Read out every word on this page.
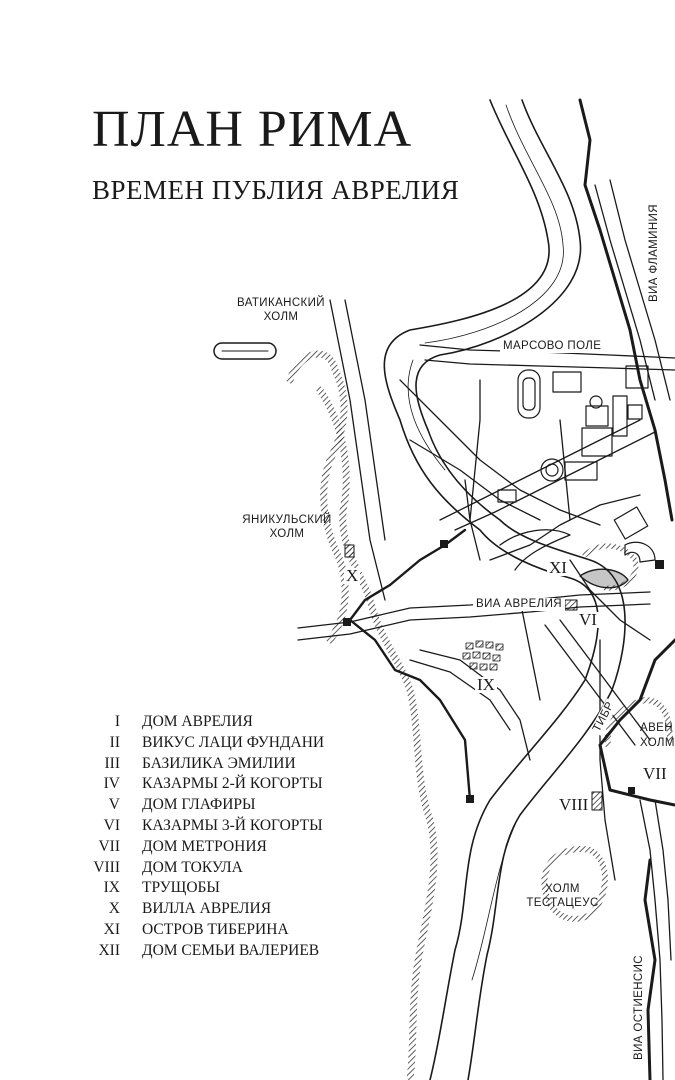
ПЛАН РИМА
ВРЕМЕН ПУБЛИЯ АВРЕЛИЯ
ВАТИКАНСКИЙ ХОЛМ
ЯНИКУЛЬСКИЙ ХОЛМ
МАРСОВО ПОЛЕ
ВИА ФЛАМИНИЯ
ВИА АВРЕЛИЯ
ТИБР АВЕН ХОЛМ
ХОЛМ ТЕСТАЦЕУС
ВИА ОСТИЕНСИС
X	XI
VI
IX
VII
VIII
I ДОМ АВРЕЛИЯ
II ВИКУС ЛАЦИ ФУНДАНИ
III БАЗИЛИКА ЭМИЛИИ
IV КАЗАРМЫ 2-Й КОГОРТЫ
V ДОМ ГЛАФИРЫ
VI КАЗАРМЫ 3-Й КОГОРТЫ
VII ДОМ МЕТРОНИЯ
VIII ДОМ ТОКУЛА
IX ТРУЩОБЫ
X ВИЛЛА АВРЕЛИЯ
XI ОСТРОВ ТИБЕРИНА
XII ДОМ СЕМЬИ ВАЛЕРИЕВ
